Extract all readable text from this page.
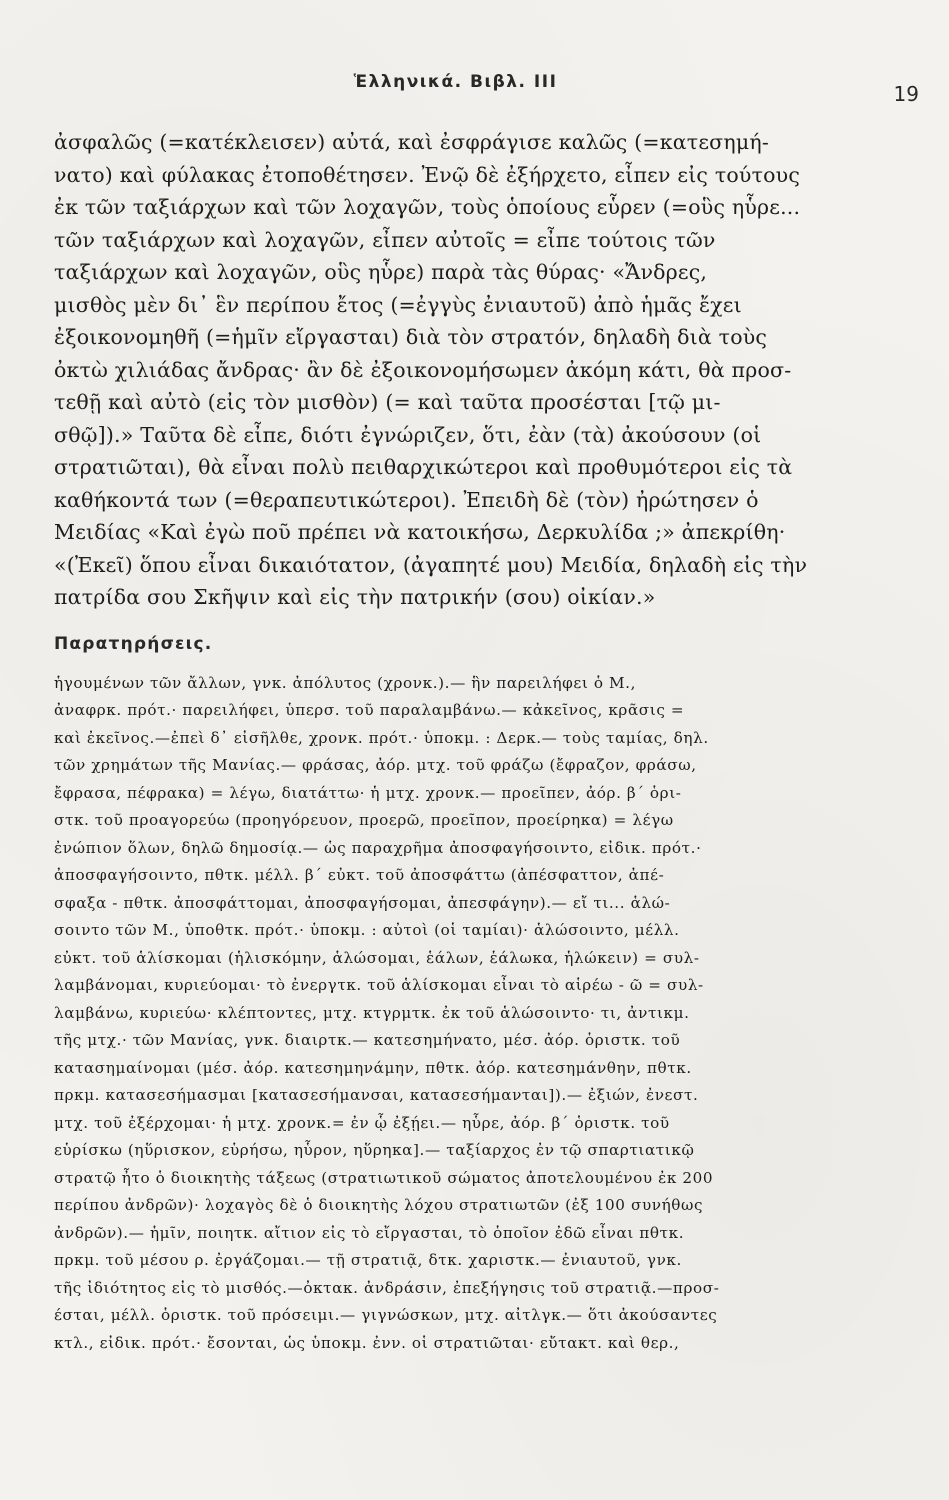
Ἑλληνικά. Βιβλ. ΙΙΙ	19
ἀσφαλῶς (=κατέκλεισεν) αὐτά, καὶ ἐσφράγισε καλῶς (=κατεσημή-
νατο) καὶ φύλακας ἐτοποθέτησεν. Ἐνῷ δὲ ἐξήρχετο, εἶπεν εἰς τούτους
ἐκ τῶν ταξιάρχων καὶ τῶν λοχαγῶν, τοὺς ὁποίους εὗρεν (=οὓς ηὗρε...
τῶν ταξιάρχων καὶ λοχαγῶν, εἶπεν αὐτοῖς = εἶπε τούτοις τῶν
ταξιάρχων καὶ λοχαγῶν, οὓς ηὗρε) παρὰ τὰς θύρας· «Ἄνδρες,
μισθὸς μὲν δι᾽ ἓν περίπου ἔτος (=ἐγγὺς ἐνιαυτοῦ) ἀπὸ ἡμᾶς ἔχει
ἐξοικονομηθῆ (=ἡμῖν εἴργασται) διὰ τὸν στρατόν, δηλαδὴ διὰ τοὺς
ὀκτὼ χιλιάδας ἄνδρας· ἂν δὲ ἐξοικονομήσωμεν ἀκόμη κάτι, θὰ προσ-
τεθῇ καὶ αὐτὸ (εἰς τὸν μισθὸν) (= καὶ ταῦτα προσέσται [τῷ μι-
σθῷ]).» Ταῦτα δὲ εἶπε, διότι ἐγνώριζεν, ὅτι, ἐὰν (τὰ) ἀκούσουν (οἱ
στρατιῶται), θὰ εἶναι πολὺ πειθαρχικώτεροι καὶ προθυμότεροι εἰς τὰ
καθήκοντά των (=θεραπευτικώτεροι). Ἐπειδὴ δὲ (τὸν) ἠρώτησεν ὁ
Μειδίας «Καὶ ἐγὼ ποῦ πρέπει νὰ κατοικήσω, Δερκυλίδα ;» ἀπεκρίθη·
«(Ἐκεῖ) ὅπου εἶναι δικαιότατον, (ἀγαπητέ μου) Μειδία, δηλαδὴ εἰς τὴν
πατρίδα σου Σκῆψιν καὶ εἰς τὴν πατρικήν (σου) οἰκίαν.»
Παρατηρήσεις.
ἡγουμένων τῶν ἄλλων, γνκ. ἀπόλυτος (χρονκ.).— ἣν παρειλήφει ὁ Μ.,
ἀναφρκ. πρότ.· παρειλήφει, ὑπερσ. τοῦ παραλαμβάνω.— κἀκεῖνος, κρᾶσις =
καὶ ἐκεῖνος.—ἐπεὶ δ᾽ εἰσῆλθε, χρονκ. πρότ.· ὑποκμ. : Δερκ.— τοὺς ταμίας, δηλ.
τῶν χρημάτων τῆς Μανίας.— φράσας, ἀόρ. μτχ. τοῦ φράζω (ἔφραζον, φράσω,
ἔφρασα, πέφρακα) = λέγω, διατάττω· ἡ μτχ. χρονκ.— προεῖπεν, ἀόρ. β΄ ὁρι-
στκ. τοῦ προαγορεύω (προηγόρευον, προερῶ, προεῖπον, προείρηκα) = λέγω
ἐνώπιον ὅλων, δηλῶ δημοσίᾳ.— ὡς παραχρῆμα ἀποσφαγήσοιντο, εἰδικ. πρότ.·
ἀποσφαγήσοιντο, πθτκ. μέλλ. β΄ εὐκτ. τοῦ ἀποσφάττω (ἀπέσφαττον, ἀπέ-
σφαξα - πθτκ. ἀποσφάττομαι, ἀποσφαγήσομαι, ἀπεσφάγην).— εἴ τι... ἁλώ-
σοιντο τῶν Μ., ὑποθτκ. πρότ.· ὑποκμ. : αὐτοὶ (οἱ ταμίαι)· ἁλώσοιντο, μέλλ.
εὐκτ. τοῦ ἁλίσκομαι (ἡλισκόμην, ἁλώσομαι, ἑάλων, ἑάλωκα, ἡλώκειν) = συλ-
λαμβάνομαι, κυριεύομαι· τὸ ἐνεργτκ. τοῦ ἁλίσκομαι εἶναι τὸ αἱρέω - ῶ = συλ-
λαμβάνω, κυριεύω· κλέπτοντες, μτχ. κτγρμτκ. ἐκ τοῦ ἁλώσοιντο· τι, ἀντικμ.
τῆς μτχ.· τῶν Μανίας, γνκ. διαιρτκ.— κατεσημήνατο, μέσ. ἀόρ. ὁριστκ. τοῦ
κατασημαίνομαι (μέσ. ἀόρ. κατεσημηνάμην, πθτκ. ἀόρ. κατεσημάνθην, πθτκ.
πρκμ. κατασεσήμασμαι [κατασεσήμανσαι, κατασεσήμανται]).— ἐξιών, ἐνεστ.
μτχ. τοῦ ἐξέρχομαι· ἡ μτχ. χρονκ.= ἐν ᾧ ἐξῄει.— ηὗρε, ἀόρ. β΄ ὁριστκ. τοῦ
εὑρίσκω (ηὕρισκον, εὑρήσω, ηὗρον, ηὕρηκα].— ταξίαρχος ἐν τῷ σπαρτιατικῷ
στρατῷ ἦτο ὁ διοικητὴς τάξεως (στρατιωτικοῦ σώματος ἀποτελουμένου ἐκ 200
περίπου ἀνδρῶν)· λοχαγὸς δὲ ὁ διοικητὴς λόχου στρατιωτῶν (ἐξ 100 συνήθως
ἀνδρῶν).— ἡμῖν, ποιητκ. αἴτιον εἰς τὸ εἴργασται, τὸ ὁποῖον ἐδῶ εἶναι πθτκ.
πρκμ. τοῦ μέσου ρ. ἐργάζομαι.— τῇ στρατιᾷ, δτκ. χαριστκ.— ἐνιαυτοῦ, γνκ.
τῆς ἰδιότητος εἰς τὸ μισθός.—ὀκτακ. ἀνδράσιν, ἐπεξήγησις τοῦ στρατιᾷ.—προσ-
έσται, μέλλ. ὁριστκ. τοῦ πρόσειμι.— γιγνώσκων, μτχ. αἰτλγκ.— ὅτι ἀκούσαντες
κτλ., εἰδικ. πρότ.· ἔσονται, ὡς ὑποκμ. ἐνν. οἱ στρατιῶται· εὔτακτ. καὶ θερ.,
